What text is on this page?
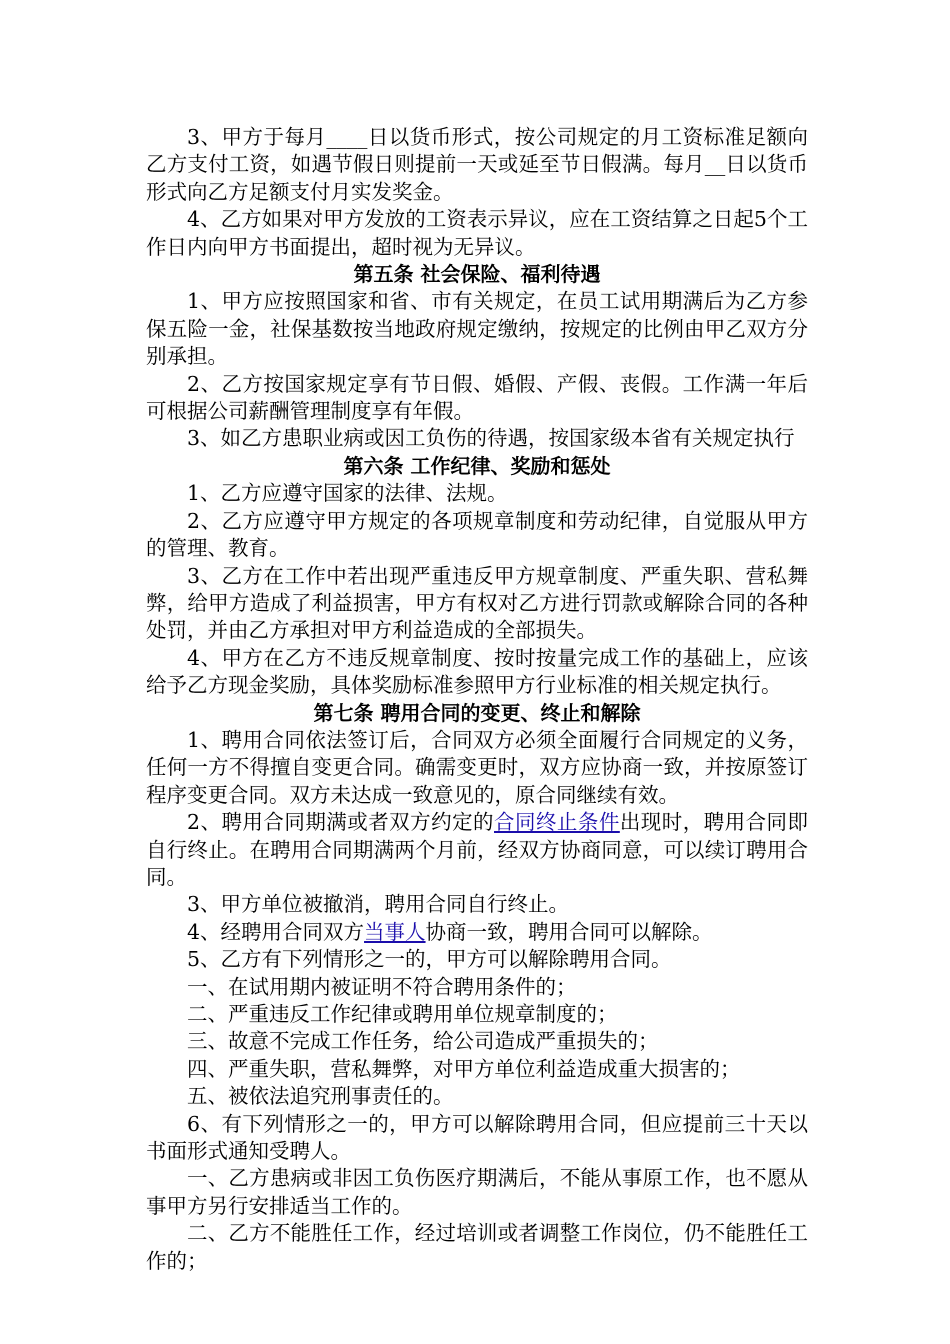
3、甲方于每月____日以货币形式，按公司规定的月工资标准足额向乙方支付工资，如遇节假日则提前一天或延至节日假满。每月__日以货币形式向乙方足额支付月实发奖金。

4、乙方如果对甲方发放的工资表示异议，应在工资结算之日起5个工作日内向甲方书面提出，超时视为无异议。

第五条 社会保险、福利待遇

1、甲方应按照国家和省、市有关规定，在员工试用期满后为乙方参保五险一金，社保基数按当地政府规定缴纳，按规定的比例由甲乙双方分别承担。

2、乙方按国家规定享有节日假、婚假、产假、丧假。工作满一年后可根据公司薪酬管理制度享有年假。

3、如乙方患职业病或因工负伤的待遇，按国家级本省有关规定执行

第六条 工作纪律、奖励和惩处

1、乙方应遵守国家的法律、法规。

2、乙方应遵守甲方规定的各项规章制度和劳动纪律，自觉服从甲方的管理、教育。

3、乙方在工作中若出现严重违反甲方规章制度、严重失职、营私舞弊，给甲方造成了利益损害，甲方有权对乙方进行罚款或解除合同的各种处罚，并由乙方承担对甲方利益造成的全部损失。

4、甲方在乙方不违反规章制度、按时按量完成工作的基础上，应该给予乙方现金奖励，具体奖励标准参照甲方行业标准的相关规定执行。

第七条 聘用合同的变更、终止和解除

1、聘用合同依法签订后，合同双方必须全面履行合同规定的义务，任何一方不得擅自变更合同。确需变更时，双方应协商一致，并按原签订程序变更合同。双方未达成一致意见的，原合同继续有效。

2、聘用合同期满或者双方约定的合同终止条件出现时，聘用合同即自行终止。在聘用合同期满两个月前，经双方协商同意，可以续订聘用合同。

3、甲方单位被撤消，聘用合同自行终止。

4、经聘用合同双方当事人协商一致，聘用合同可以解除。

5、乙方有下列情形之一的，甲方可以解除聘用合同。

一、在试用期内被证明不符合聘用条件的；

二、严重违反工作纪律或聘用单位规章制度的；

三、故意不完成工作任务，给公司造成严重损失的；

四、严重失职，营私舞弊，对甲方单位利益造成重大损害的；

五、被依法追究刑事责任的。

6、有下列情形之一的，甲方可以解除聘用合同，但应提前三十天以书面形式通知受聘人。

一、乙方患病或非因工负伤医疗期满后，不能从事原工作，也不愿从事甲方另行安排适当工作的。

二、乙方不能胜任工作，经过培训或者调整工作岗位，仍不能胜任工作的；
